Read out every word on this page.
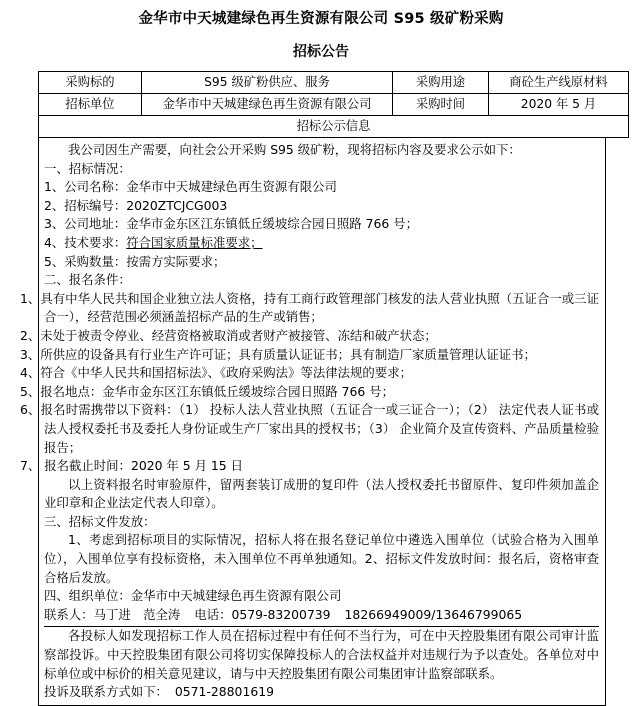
金华市中天城建绿色再生资源有限公司 S95 级矿粉采购
招标公告
采购标的	S95 级矿粉供应、服务	采购用途	商砼生产线原材料
招标单位	金华市中天城建绿色再生资源有限公司	采购时间	2020 年 5 月
招标公示信息			

我公司因生产需要，向社会公开采购 S95 级矿粉，现将招标内容及要求公示如下：

一、招标情况：

1、公司名称：金华市中天城建绿色再生资源有限公司

2、招标编号：2020ZTCJCG003

3、公司地址：金华市金东区江东镇低丘缓坡综合园日照路 766 号；

4、技术要求：符合国家质量标准要求；

5、采购数量：按需方实际要求；

二、报名条件：

1、具有中华人民共和国企业独立法人资格，持有工商行政管理部门核发的法人营业执照（五证合一或三证合一），经营范围必须涵盖招标产品的生产或销售；

2、未处于被责令停业、经营资格被取消或者财产被接管、冻结和破产状态；

3、所供应的设备具有行业生产许可证；具有质量认证证书；具有制造厂家质量管理认证证书；

4、符合《中华人民共和国招标法》、《政府采购法》等法律法规的要求；

5、报名地点：金华市金东区江东镇低丘缓坡综合园日照路 766 号；

6、报名时需携带以下资料：（1） 投标人法人营业执照（五证合一或三证合一）；（2） 法定代表人证书或法人授权委托书及委托人身份证或生产厂家出具的授权书；（3） 企业简介及宣传资料、产品质量检验报告；

7、 报名截止时间：2020 年 5 月 15 日

以上资料报名时审验原件，留两套装订成册的复印件（法人授权委托书留原件、复印件须加盖企业印章和企业法定代表人印章）。

三、招标文件发放：

1、考虑到招标项目的实际情况，招标人将在报名登记单位中遴选入围单位（试验合格为入围单位），入围单位享有投标资格，未入围单位不再单独通知。2、招标文件发放时间：报名后，资格审查合格后发放。

四、组织单位：金华市中天城建绿色再生资源有限公司

联系人：马丁进　范全涛 电话：0579-83200739 18266949009/13646799065

各投标人如发现招标工作人员在招标过程中有任何不当行为，可在中天控股集团有限公司审计监察部投诉。中天控股集团有限公司将切实保障投标人的合法权益并对违规行为予以查处。各单位对中标单位或中标价的相关意见建议，请与中天控股集团有限公司集团审计监察部联系。

投诉及联系方式如下： 0571-28801619
